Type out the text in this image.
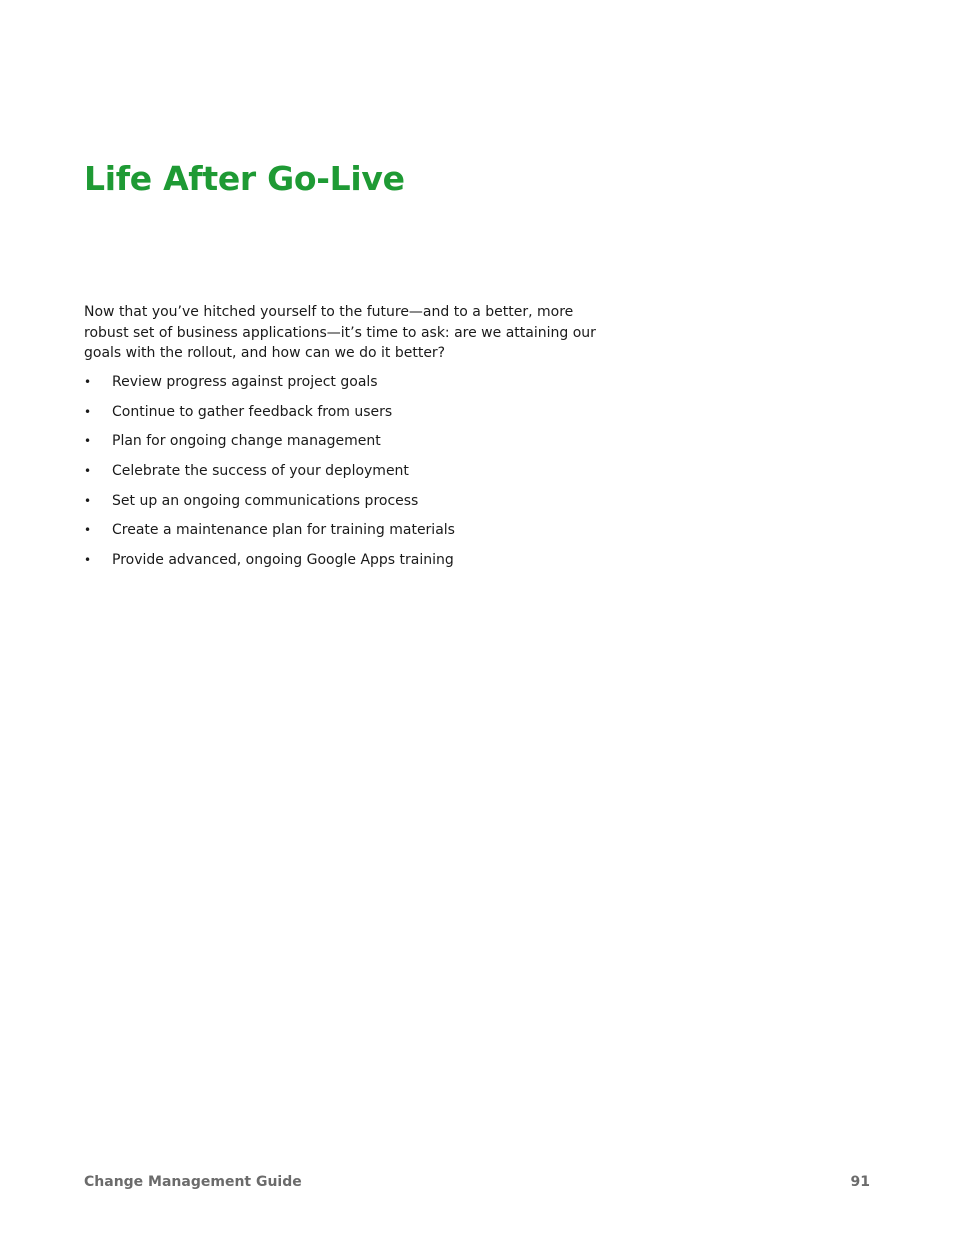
Life After Go-Live

Now that you’ve hitched yourself to the future—and to a better, more robust set of business applications—it’s time to ask: are we attaining our goals with the rollout, and how can we do it better?

• Review progress against project goals
• Continue to gather feedback from users
• Plan for ongoing change management
• Celebrate the success of your deployment
• Set up an ongoing communications process
• Create a maintenance plan for training materials
• Provide advanced, ongoing Google Apps training
Change Management Guide	91
